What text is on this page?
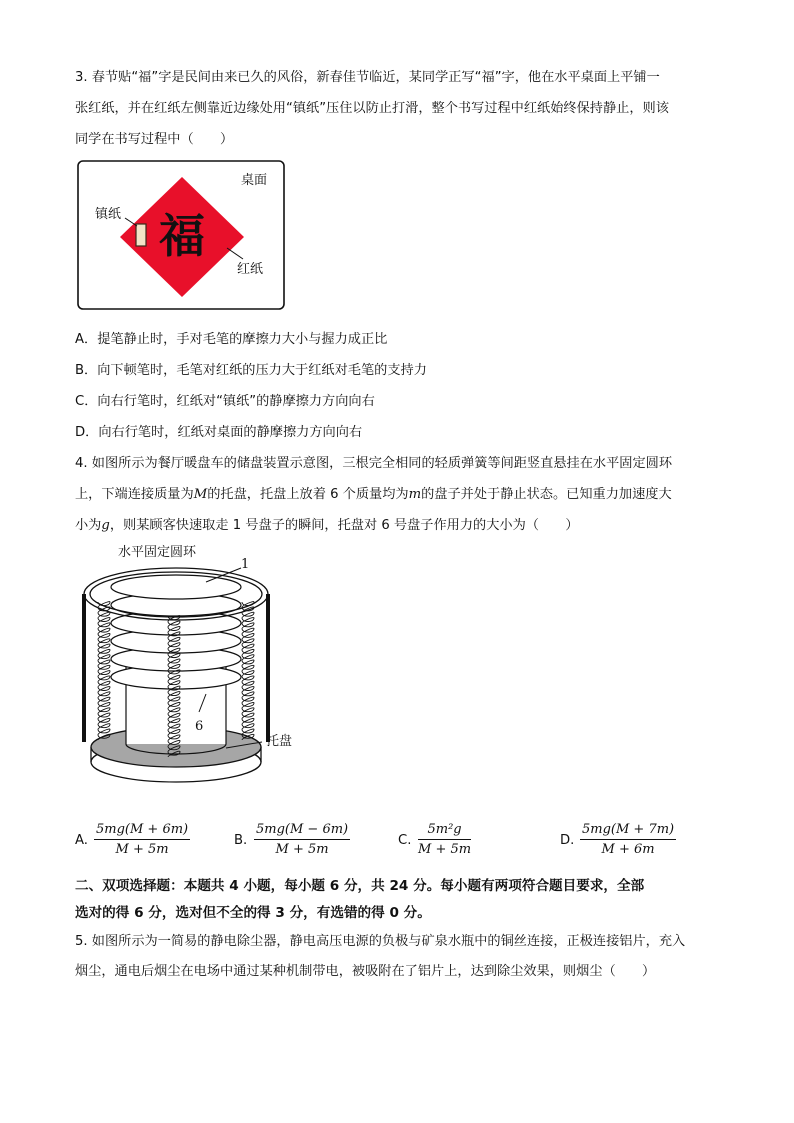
3. 春节贴“福”字是民间由来已久的风俗，新春佳节临近，某同学正写“福”字，他在水平桌面上平铺一
张红纸，并在红纸左侧靠近边缘处用“镇纸”压住以防止打滑，整个书写过程中红纸始终保持静止，则该
同学在书写过程中（　　）
福
桌面
镇纸
红纸
A．提笔静止时，手对毛笔的摩擦力大小与握力成正比
B．向下顿笔时，毛笔对红纸的压力大于红纸对毛笔的支持力
C．向右行笔时，红纸对“镇纸”的静摩擦力方向向右
D．向右行笔时，红纸对桌面的静摩擦力方向向右
4. 如图所示为餐厅暖盘车的储盘装置示意图，三根完全相同的轻质弹簧等间距竖直悬挂在水平固定圆环
上，下端连接质量为M的托盘，托盘上放着 6 个质量均为m的盘子并处于静止状态。已知重力加速度大
小为g，则某顾客快速取走 1 号盘子的瞬间，托盘对 6 号盘子作用力的大小为（　　）
水平固定圆环
1
6
托盘
A. $\frac{5mg(M + 6m)}{M + 5m}$	B. $\frac{5mg(M - 6m)}{M + 5m}$	C. $\frac{\text{5m²g}}{M + 5m}$	D. $\frac{5mg(M + 7m)}{M + 6m}$
二、双项选择题：本题共 4 小题，每小题 6 分，共 24 分。每小题有两项符合题目要求，全部
选对的得 6 分，选对但不全的得 3 分，有选错的得 0 分。
5. 如图所示为一简易的静电除尘器，静电高压电源的负极与矿泉水瓶中的铜丝连接，正极连接铝片，充入
烟尘，通电后烟尘在电场中通过某种机制带电，被吸附在了铝片上，达到除尘效果，则烟尘（　　）
